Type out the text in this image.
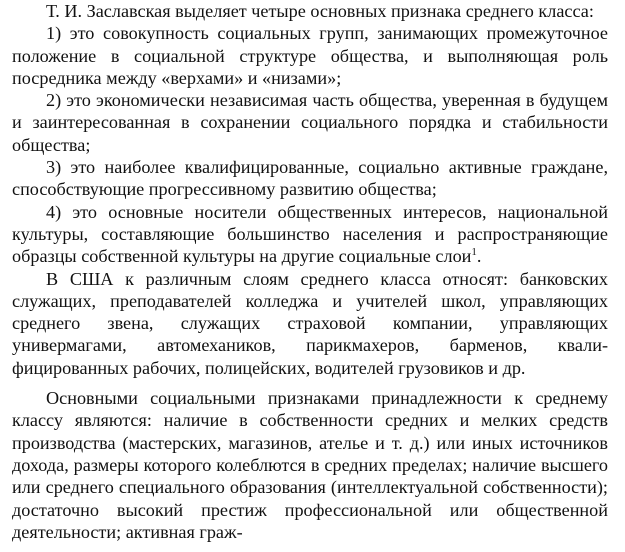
Т. И. Заславская выделяет четыре основных признака среднего класса:

1) это совокупность социальных групп, занимающих промежуточное положение в социальной структуре общества, и выполняющая роль посредника между «верхами» и «низами»;

2) это экономически независимая часть общества, уверенная в будущем и заинтересованная в сохранении социального порядка и стабильности общества;

3) это наиболее квалифицированные, социально активные граждане, способствующие прогрессивному развитию общества;

4) это основные носители общественных интересов, национальной культуры, составляющие большинство населения и распространяющие образцы собственной культуры на другие социальные слои$^1$.

В США к различным слоям среднего класса относят: банковских служащих, преподавателей колледжа и учителей школ, управляющих среднего звена, служащих страховой компании, управляющих универмагами, автомехаников, парикмахеров, барменов, квалифицированных рабочих, полицейских, водителей грузовиков и др.

Основными социальными признаками принадлежности к среднему классу являются: наличие в собственности средних и мелких средств производства (мастерских, магазинов, ателье и т. д.) или иных источников дохода, размеры которого колеблются в средних пределах; наличие высшего или среднего специального образования (интеллектуальной собственности); достаточно высокий престиж профессиональной или общественной деятельности; активная граж-
